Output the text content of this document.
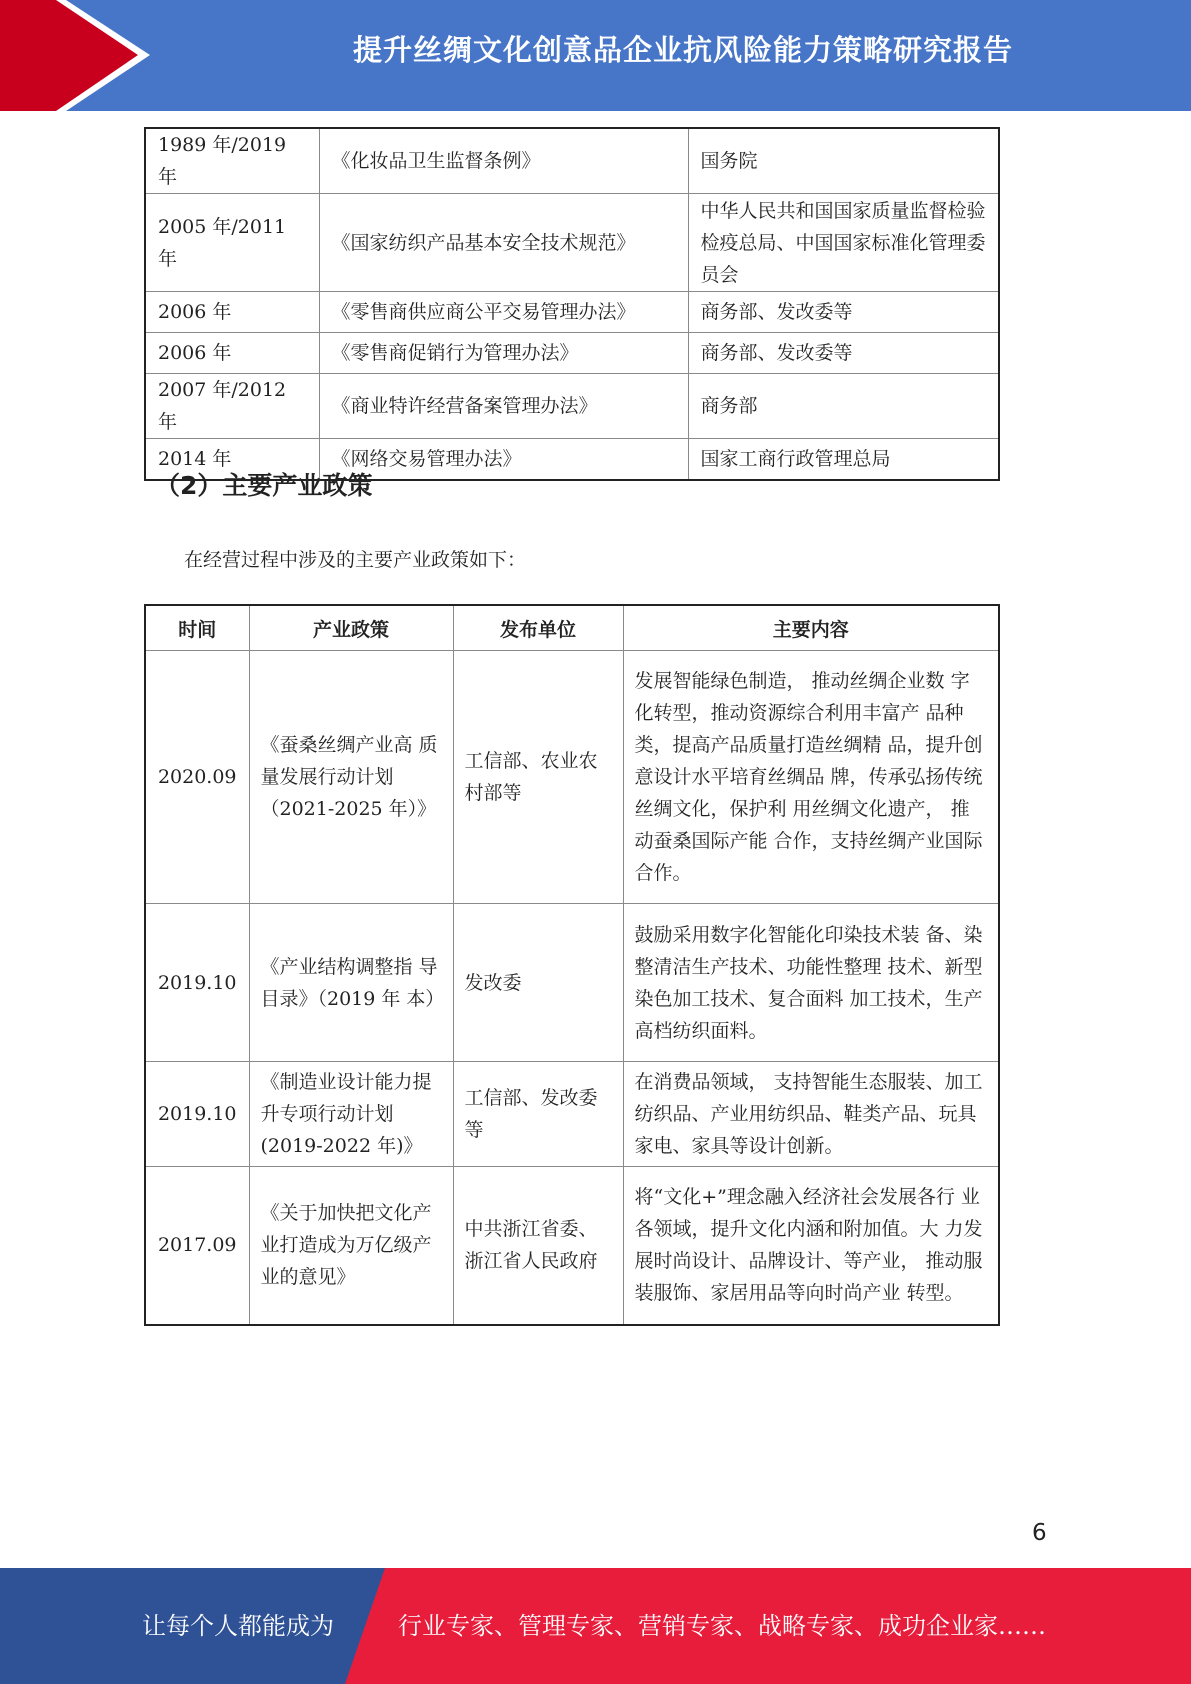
提升丝绸文化创意品企业抗风险能力策略研究报告
1989 年/2019 年	《化妆品卫生监督条例》	国务院
2005 年/2011 年	《国家纺织产品基本安全技术规范》	中华人民共和国国家质量监督检验检疫总局、中国国家标准化管理委员会
2006 年	《零售商供应商公平交易管理办法》	商务部、发改委等
2006 年	《零售商促销行为管理办法》	商务部、发改委等
2007 年/2012 年	《商业特许经营备案管理办法》	商务部
2014 年	《网络交易管理办法》	国家工商行政管理总局
（2）主要产业政策

在经营过程中涉及的主要产业政策如下：

时间	产业政策	发布单位	主要内容
2020.09	《蚕桑丝绸产业高 质量发展行动计划（2021-2025 年）》	工信部、农业农村部等	发展智能绿色制造， 推动丝绸企业数 字化转型，推动资源综合利用丰富产 品种类，提高产品质量打造丝绸精 品，提升创意设计水平培育丝绸品 牌，传承弘扬传统丝绸文化，保护利 用丝绸文化遗产， 推动蚕桑国际产能 合作，支持丝绸产业国际合作。
2019.10	《产业结构调整指 导目录》（2019 年 本）	发改委	鼓励采用数字化智能化印染技术装 备、染整清洁生产技术、功能性整理 技术、新型染色加工技术、复合面料 加工技术，生产高档纺织面料。
2019.10	《制造业设计能力提升专项行动计划(2019-2022 年)》	工信部、发改委等	在消费品领域， 支持智能生态服装、加工纺织品、产业用纺织品、鞋类产品、玩具家电、家具等设计创新。
2017.09	《关于加快把文化产业打造成为万亿级产业的意见》	中共浙江省委、浙江省人民政府	将“文化+”理念融入经济社会发展各行 业各领域，提升文化内涵和附加值。大 力发展时尚设计、品牌设计、等产业， 推动服装服饰、家居用品等向时尚产业 转型。
6
让每个人都能成为	行业专家、管理专家、营销专家、战略专家、成功企业家……
